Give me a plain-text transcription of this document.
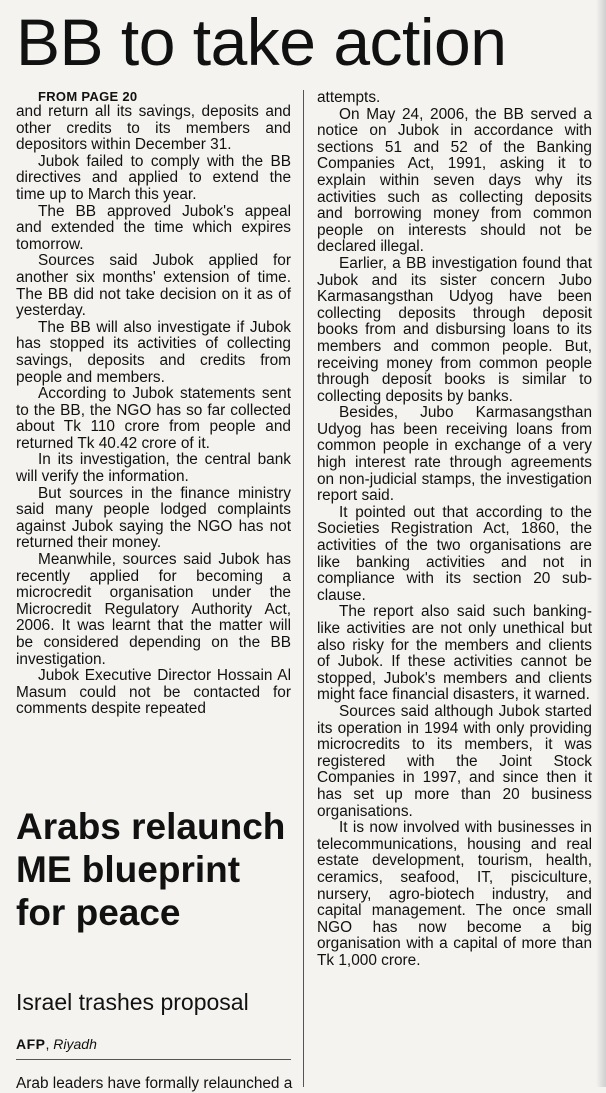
BB to take action

FROM PAGE 20

and return all its savings, deposits and other credits to its members and depositors within December 31.

Jubok failed to comply with the BB directives and applied to extend the time up to March this year.

The BB approved Jubok's appeal and extended the time which expires tomorrow.

Sources said Jubok applied for another six months' extension of time. The BB did not take decision on it as of yesterday.

The BB will also investigate if Jubok has stopped its activities of collecting savings, deposits and credits from people and members.

According to Jubok statements sent to the BB, the NGO has so far collected about Tk 110 crore from people and returned Tk 40.42 crore of it.

In its investigation, the central bank will verify the information.

But sources in the finance ministry said many people lodged complaints against Jubok saying the NGO has not returned their money.

Meanwhile, sources said Jubok has recently applied for becoming a microcredit organisation under the Microcredit Regulatory Authority Act, 2006. It was learnt that the matter will be considered depending on the BB investigation.

Jubok Executive Director Hossain Al Masum could not be contacted for comments despite repeated

attempts.

On May 24, 2006, the BB served a notice on Jubok in accordance with sections 51 and 52 of the Banking Companies Act, 1991, asking it to explain within seven days why its activities such as collecting deposits and borrowing money from common people on interests should not be declared illegal.

Earlier, a BB investigation found that Jubok and its sister concern Jubo Karmasangsthan Udyog have been collecting deposits through deposit books from and disbursing loans to its members and common people. But, receiving money from common people through deposit books is similar to collecting deposits by banks.

Besides, Jubo Karmasangsthan Udyog has been receiving loans from common people in exchange of a very high interest rate through agreements on non-judicial stamps, the investigation report said.

It pointed out that according to the Societies Registration Act, 1860, the activities of the two organisations are like banking activities and not in compliance with its section 20 sub-clause.

The report also said such banking-like activities are not only unethical but also risky for the members and clients of Jubok. If these activities cannot be stopped, Jubok's members and clients might face financial disasters, it warned.

Sources said although Jubok started its operation in 1994 with only providing microcredits to its members, it was registered with the Joint Stock Companies in 1997, and since then it has set up more than 20 business organisations.

It is now involved with businesses in telecommunications, housing and real estate development, tourism, health, ceramics, seafood, IT, pisciculture, nursery, agro-biotech industry, and capital management. The once small NGO has now become a big organisation with a capital of more than Tk 1,000 crore.

Arabs relaunch ME blueprint for peace

Israel trashes proposal

AFP, Riyadh

Arab leaders have formally relaunched a
